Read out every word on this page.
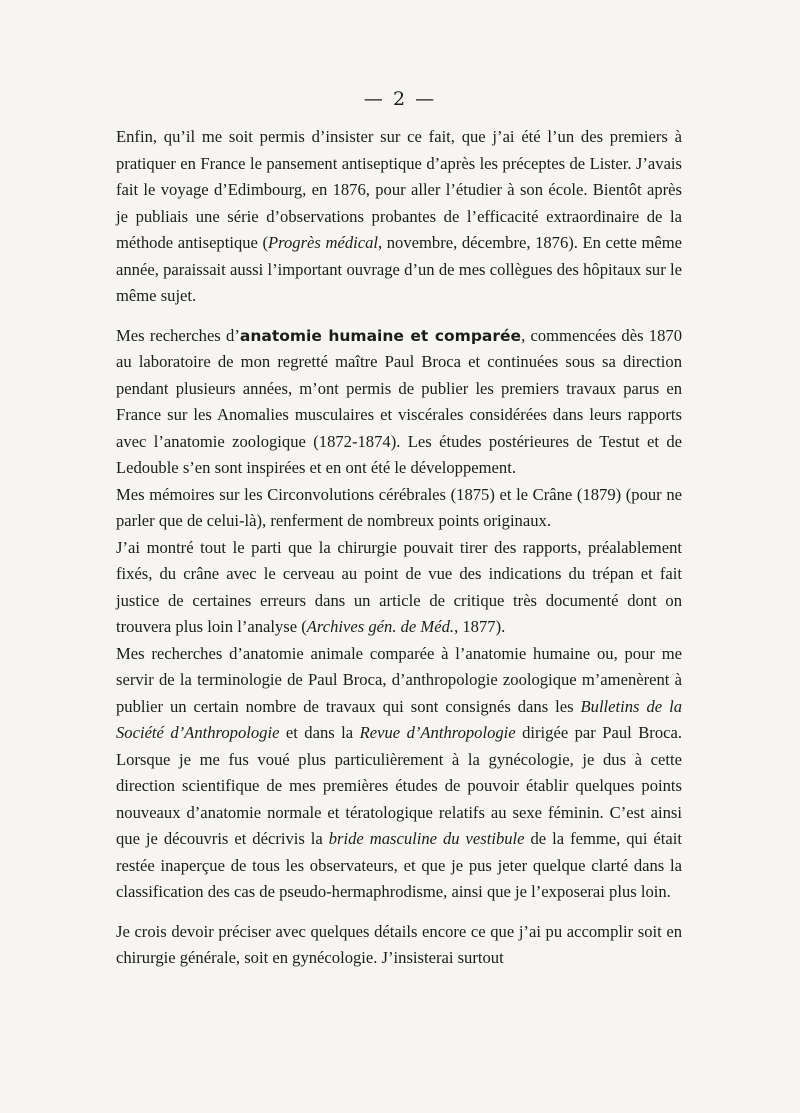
— 2 —

Enfin, qu’il me soit permis d’insister sur ce fait, que j’ai été l’un des premiers à pratiquer en France le pansement antiseptique d’après les préceptes de Lister. J’avais fait le voyage d’Edimbourg, en 1876, pour aller l’étudier à son école. Bientôt après je publiais une série d’observations probantes de l’efficacité extraordinaire de la méthode antiseptique (Progrès médical, novembre, décembre, 1876). En cette même année, paraissait aussi l’important ouvrage d’un de mes collègues des hôpitaux sur le même sujet.

Mes recherches d’anatomie humaine et comparée, commencées dès 1870 au laboratoire de mon regretté maître Paul Broca et continuées sous sa direction pendant plusieurs années, m’ont permis de publier les premiers travaux parus en France sur les Anomalies musculaires et viscérales considérées dans leurs rapports avec l’anatomie zoologique (1872-1874). Les études postérieures de Testut et de Ledouble s’en sont inspirées et en ont été le développement.

Mes mémoires sur les Circonvolutions cérébrales (1875) et le Crâne (1879) (pour ne parler que de celui-là), renferment de nombreux points originaux.

J’ai montré tout le parti que la chirurgie pouvait tirer des rapports, préalablement fixés, du crâne avec le cerveau au point de vue des indications du trépan et fait justice de certaines erreurs dans un article de critique très documenté dont on trouvera plus loin l’analyse (Archives gén. de Méd., 1877).

Mes recherches d’anatomie animale comparée à l’anatomie humaine ou, pour me servir de la terminologie de Paul Broca, d’anthropologie zoologique m’amenèrent à publier un certain nombre de travaux qui sont consignés dans les Bulletins de la Société d’Anthropologie et dans la Revue d’Anthropologie dirigée par Paul Broca. Lorsque je me fus voué plus particulièrement à la gynécologie, je dus à cette direction scientifique de mes premières études de pouvoir établir quelques points nouveaux d’anatomie normale et tératologique relatifs au sexe féminin. C’est ainsi que je découvris et décrivis la bride masculine du vestibule de la femme, qui était restée inaperçue de tous les observateurs, et que je pus jeter quelque clarté dans la classification des cas de pseudo-hermaphrodisme, ainsi que je l’exposerai plus loin.

Je crois devoir préciser avec quelques détails encore ce que j’ai pu accomplir soit en chirurgie générale, soit en gynécologie. J’insisterai surtout
